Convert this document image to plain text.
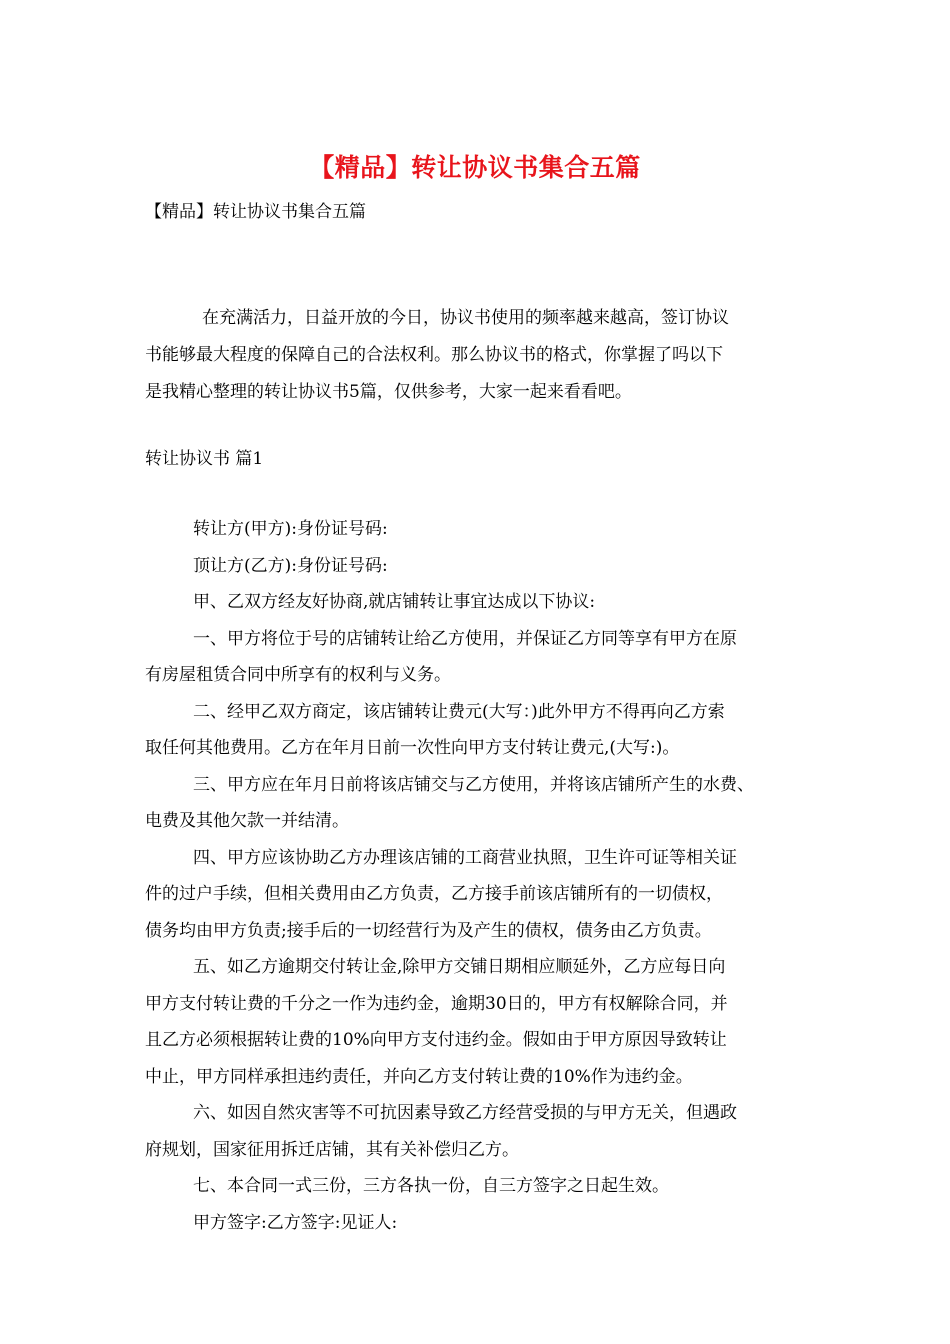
【精品】转让协议书集合五篇
【精品】转让协议书集合五篇
在充满活力，日益开放的今日，协议书使用的频率越来越高，签订协议
书能够最大程度的保障自己的合法权利。那么协议书的格式，你掌握了吗以下
是我精心整理的转让协议书5篇，仅供参考，大家一起来看看吧。
转让协议书 篇1
转让方(甲方):身份证号码:
顶让方(乙方):身份证号码:
甲、乙双方经友好协商,就店铺转让事宜达成以下协议:
一、甲方将位于号的店铺转让给乙方使用，并保证乙方同等享有甲方在原
有房屋租赁合同中所享有的权利与义务。
二、经甲乙双方商定，该店铺转让费元(大写：)此外甲方不得再向乙方索
取任何其他费用。乙方在年月日前一次性向甲方支付转让费元,(大写:)。
三、甲方应在年月日前将该店铺交与乙方使用，并将该店铺所产生的水费、
电费及其他欠款一并结清。
四、甲方应该协助乙方办理该店铺的工商营业执照，卫生许可证等相关证
件的过户手续，但相关费用由乙方负责，乙方接手前该店铺所有的一切债权，
债务均由甲方负责;接手后的一切经营行为及产生的债权，债务由乙方负责。
五、如乙方逾期交付转让金,除甲方交铺日期相应顺延外，乙方应每日向
甲方支付转让费的千分之一作为违约金，逾期30日的，甲方有权解除合同，并
且乙方必须根据转让费的10%向甲方支付违约金。假如由于甲方原因导致转让
中止，甲方同样承担违约责任，并向乙方支付转让费的10%作为违约金。
六、如因自然灾害等不可抗因素导致乙方经营受损的与甲方无关，但遇政
府规划，国家征用拆迁店铺，其有关补偿归乙方。
七、本合同一式三份，三方各执一份，自三方签字之日起生效。
甲方签字:乙方签字:见证人:
